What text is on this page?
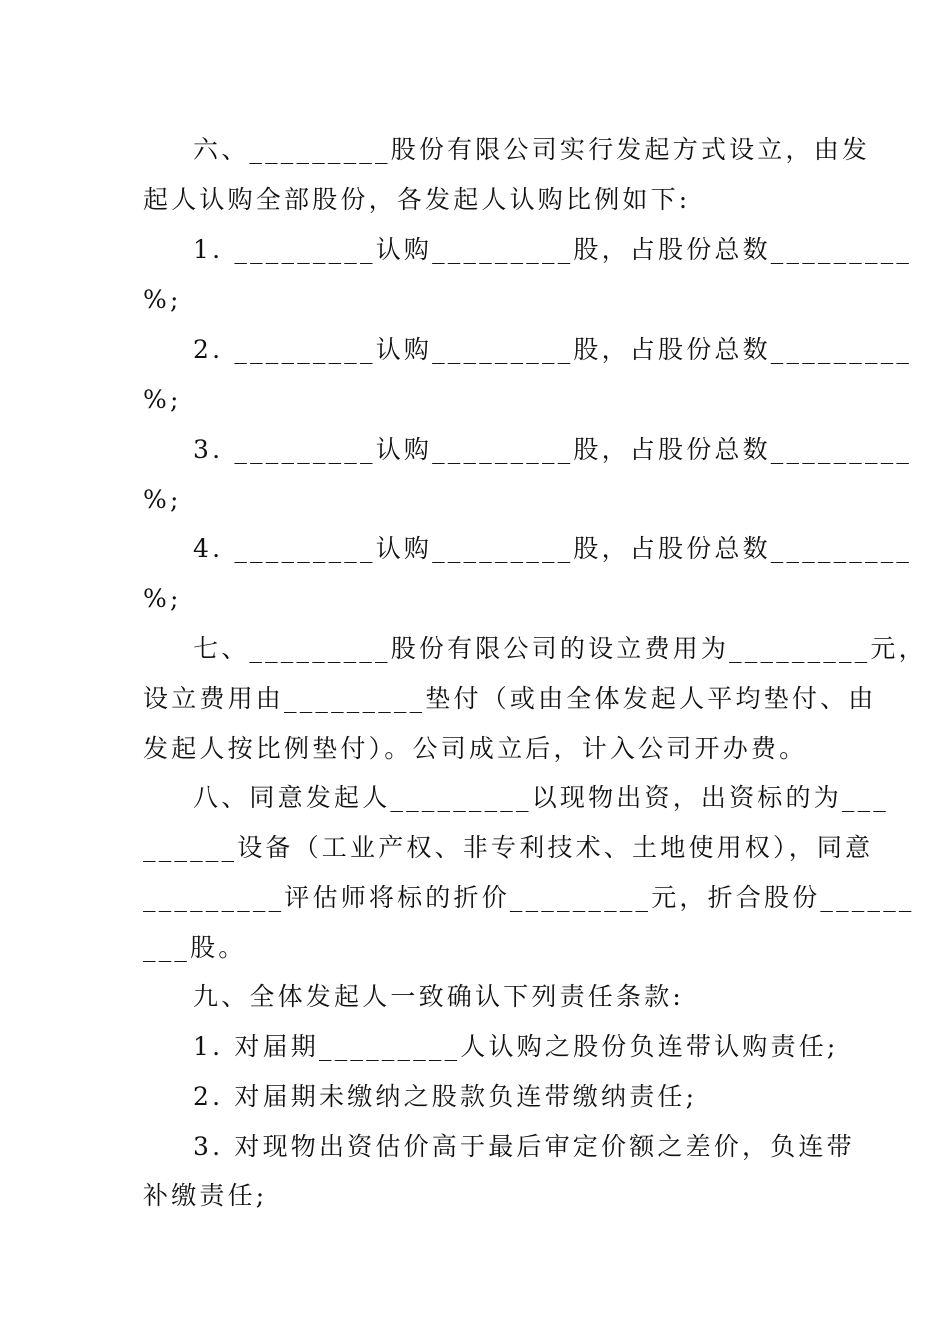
六、_________股份有限公司实行发起方式设立，由发
起人认购全部股份，各发起人认购比例如下:
1. _________认购_________股，占股份总数_________
%;
2. _________认购_________股，占股份总数_________
%;
3. _________认购_________股，占股份总数_________
%;
4. _________认购_________股，占股份总数_________
%;
七、_________股份有限公司的设立费用为_________元，
设立费用由_________垫付（或由全体发起人平均垫付、由
发起人按比例垫付）。公司成立后，计入公司开办费。
八、同意发起人_________以现物出资，出资标的为___
______设备（工业产权、非专利技术、土地使用权），同意
_________评估师将标的折价_________元，折合股份______
___股。
九、全体发起人一致确认下列责任条款:
1. 对届期_________人认购之股份负连带认购责任;
2. 对届期未缴纳之股款负连带缴纳责任;
3. 对现物出资估价高于最后审定价额之差价，负连带
补缴责任;
